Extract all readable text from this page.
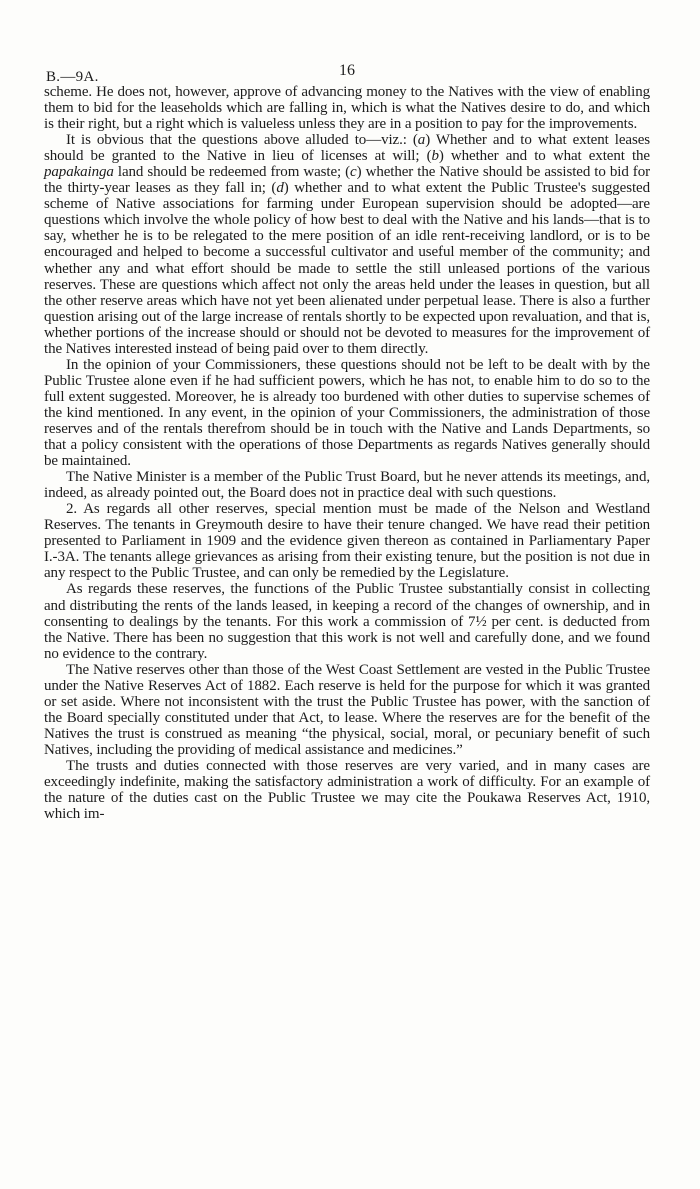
B.—9A.	16

scheme. He does not, however, approve of advancing money to the Natives with the view of enabling them to bid for the leaseholds which are falling in, which is what the Natives desire to do, and which is their right, but a right which is valueless unless they are in a position to pay for the improvements.

It is obvious that the questions above alluded to—viz.: (a) Whether and to what extent leases should be granted to the Native in lieu of licenses at will; (b) whether and to what extent the papakainga land should be redeemed from waste; (c) whether the Native should be assisted to bid for the thirty-year leases as they fall in; (d) whether and to what extent the Public Trustee's suggested scheme of Native associations for farming under European supervision should be adopted—are questions which involve the whole policy of how best to deal with the Native and his lands—that is to say, whether he is to be relegated to the mere position of an idle rent-receiving landlord, or is to be encouraged and helped to become a successful cultivator and useful member of the community; and whether any and what effort should be made to settle the still unleased portions of the various reserves. These are questions which affect not only the areas held under the leases in question, but all the other reserve areas which have not yet been alienated under perpetual lease. There is also a further question arising out of the large increase of rentals shortly to be expected upon revaluation, and that is, whether portions of the increase should or should not be devoted to measures for the improvement of the Natives interested instead of being paid over to them directly.

In the opinion of your Commissioners, these questions should not be left to be dealt with by the Public Trustee alone even if he had sufficient powers, which he has not, to enable him to do so to the full extent suggested. Moreover, he is already too burdened with other duties to supervise schemes of the kind mentioned. In any event, in the opinion of your Commissioners, the administration of those reserves and of the rentals therefrom should be in touch with the Native and Lands Departments, so that a policy consistent with the operations of those Departments as regards Natives generally should be maintained.

The Native Minister is a member of the Public Trust Board, but he never attends its meetings, and, indeed, as already pointed out, the Board does not in practice deal with such questions.

2. As regards all other reserves, special mention must be made of the Nelson and Westland Reserves. The tenants in Greymouth desire to have their tenure changed. We have read their petition presented to Parliament in 1909 and the evidence given thereon as contained in Parliamentary Paper I.-3A. The tenants allege grievances as arising from their existing tenure, but the position is not due in any respect to the Public Trustee, and can only be remedied by the Legislature.

As regards these reserves, the functions of the Public Trustee substantially consist in collecting and distributing the rents of the lands leased, in keeping a record of the changes of ownership, and in consenting to dealings by the tenants. For this work a commission of 7½ per cent. is deducted from the Native. There has been no suggestion that this work is not well and carefully done, and we found no evidence to the contrary.

The Native reserves other than those of the West Coast Settlement are vested in the Public Trustee under the Native Reserves Act of 1882. Each reserve is held for the purpose for which it was granted or set aside. Where not inconsistent with the trust the Public Trustee has power, with the sanction of the Board specially constituted under that Act, to lease. Where the reserves are for the benefit of the Natives the trust is construed as meaning “the physical, social, moral, or pecuniary benefit of such Natives, including the providing of medical assistance and medicines.”

The trusts and duties connected with those reserves are very varied, and in many cases are exceedingly indefinite, making the satisfactory administration a work of difficulty. For an example of the nature of the duties cast on the Public Trustee we may cite the Poukawa Reserves Act, 1910, which im-
